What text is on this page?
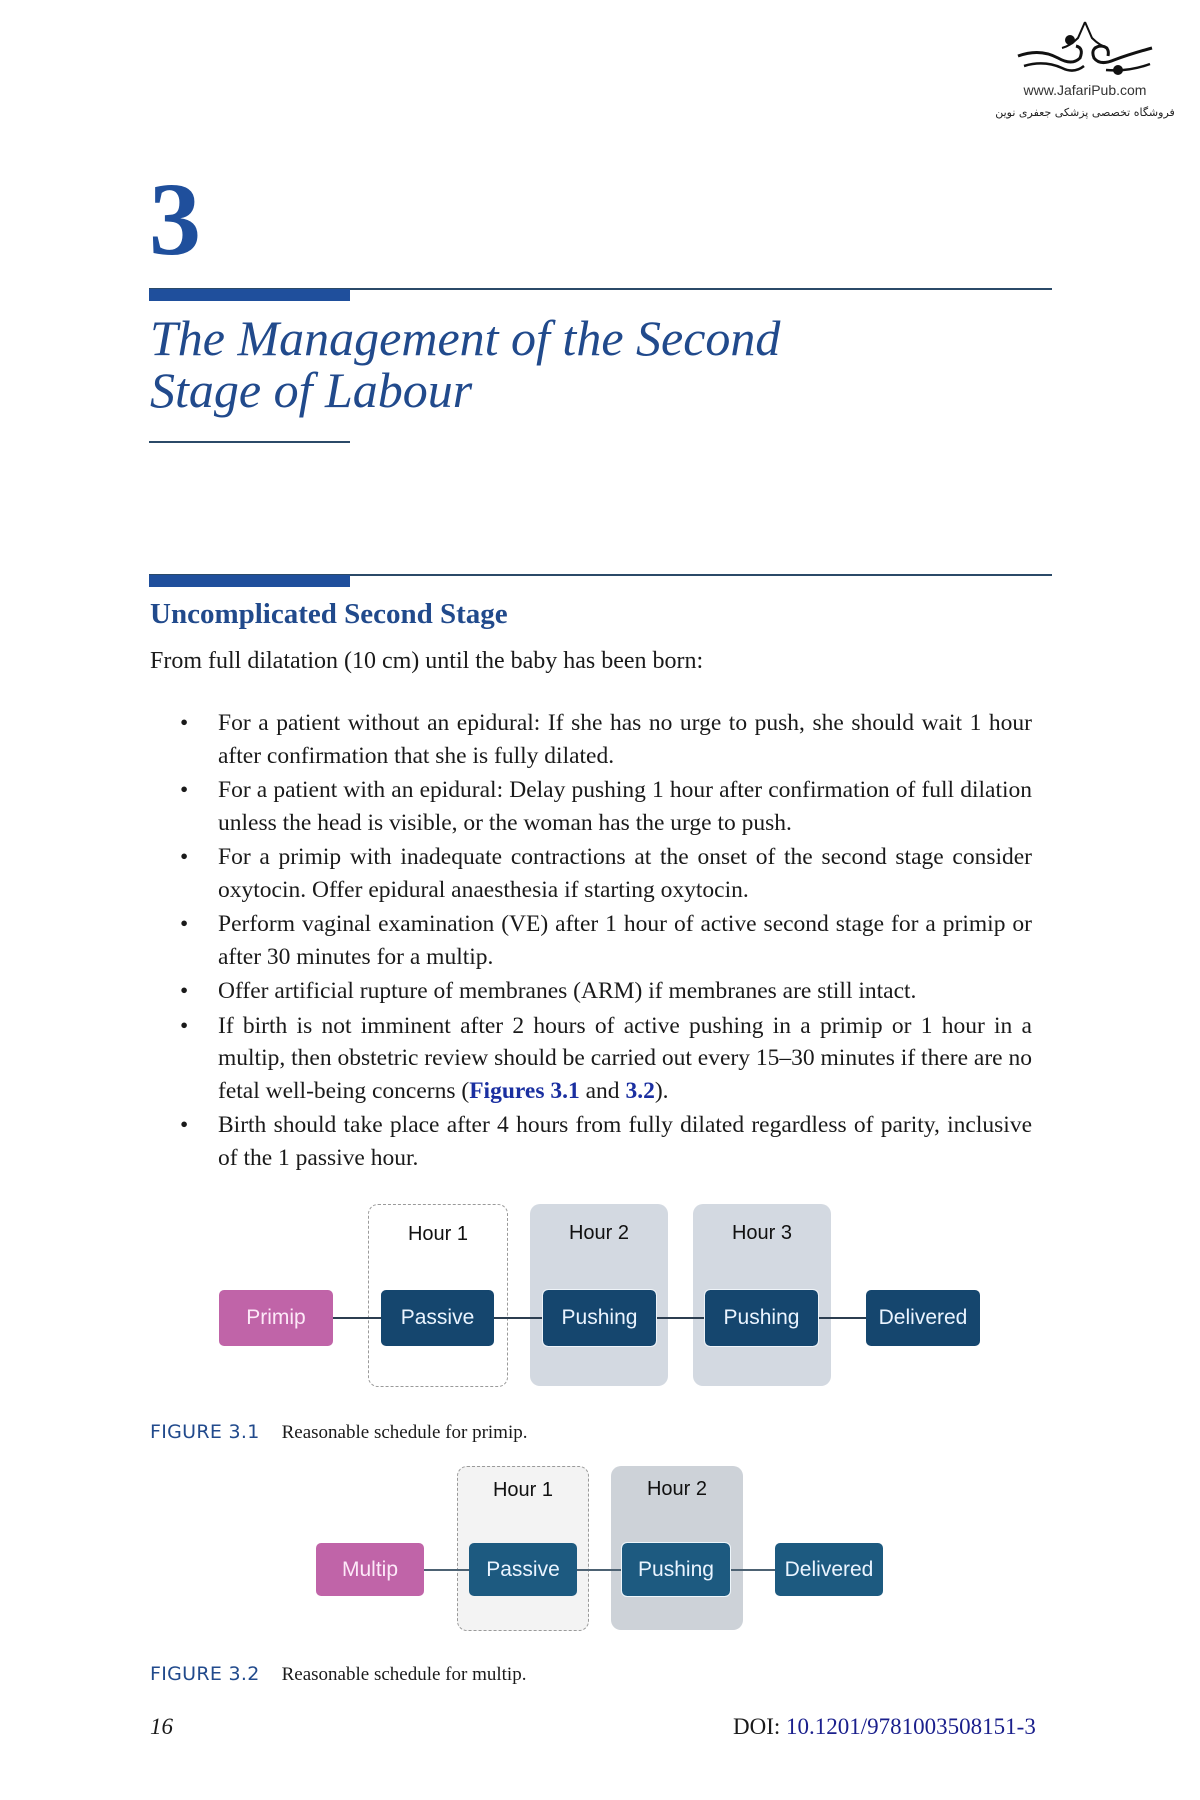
www.JafariPub.com
فروشگاه تخصصی پزشکی جعفری نوین
3
The Management of the Second
Stage of Labour
Uncomplicated Second Stage
From full dilatation (10 cm) until the baby has been born:
• For a patient without an epidural: If she has no urge to push, she should wait 1 hour after confirmation that she is fully dilated.
• For a patient with an epidural: Delay pushing 1 hour after confirmation of full dilation unless the head is visible, or the woman has the urge to push.
• For a primip with inadequate contractions at the onset of the second stage consider oxytocin. Offer epidural anaesthesia if starting oxytocin.
• Perform vaginal examination (VE) after 1 hour of active second stage for a primip or after 30 minutes for a multip.
• Offer artificial rupture of membranes (ARM) if membranes are still intact.
• If birth is not imminent after 2 hours of active pushing in a primip or 1 hour in a multip, then obstetric review should be carried out every 15–30 minutes if there are no fetal well-being concerns (Figures 3.1 and 3.2).
• Birth should take place after 4 hours from fully dilated regardless of parity, inclusive of the 1 passive hour.
Hour 1	Hour 2	Hour 3
Primip	Passive	Pushing	Pushing	Delivered
FIGURE 3.1 Reasonable schedule for primip.
Hour 1	Hour 2
Multip	Passive	Pushing	Delivered
FIGURE 3.2 Reasonable schedule for multip.
16	DOI: 10.1201/9781003508151-3
